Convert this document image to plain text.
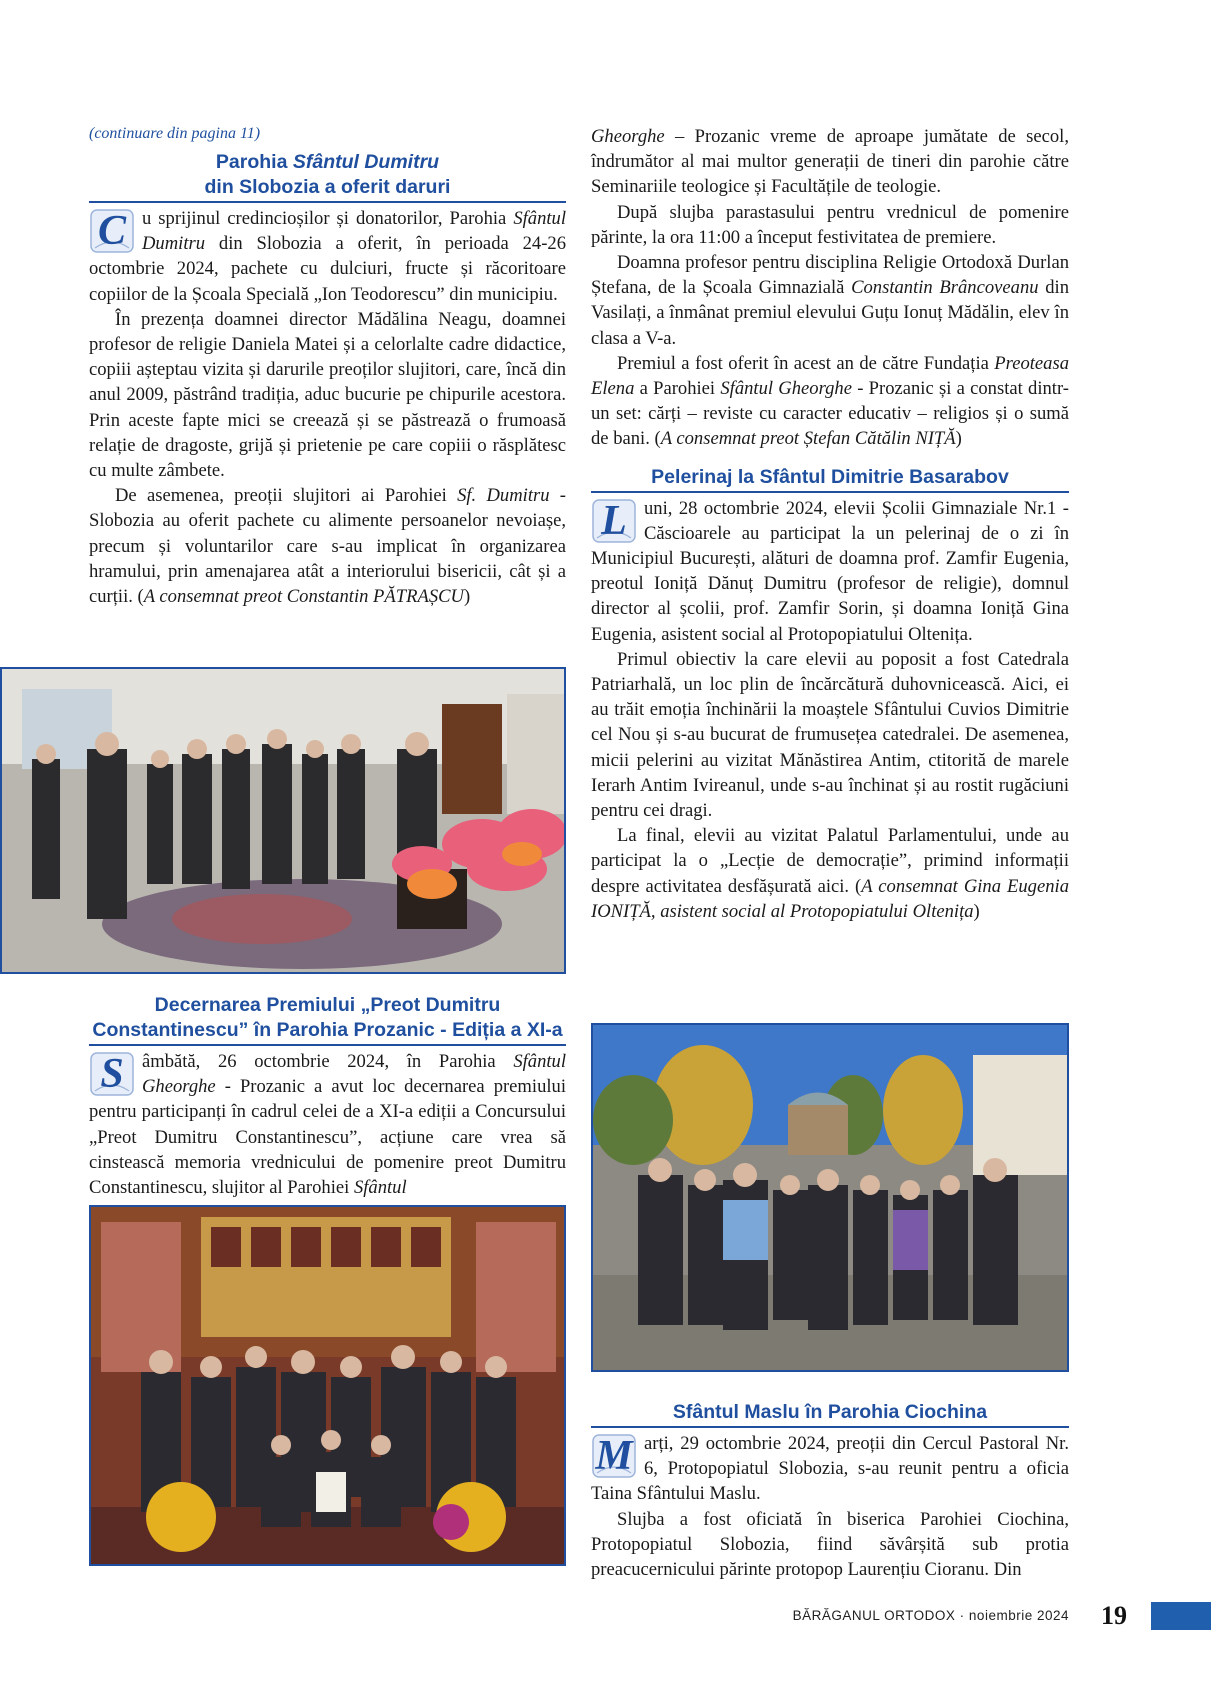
(continuare din pagina 11)

Parohia Sfântul Dumitru
din Slobozia a oferit daruri

C u sprijinul credincioșilor și donatorilor, Parohia Sfântul Dumitru din Slobozia a oferit, în perioada 24-26 octombrie 2024, pachete cu dulciuri, fructe și răcoritoare copiilor de la Școala Specială „Ion Teodorescu” din municipiu.

În prezența doamnei director Mădălina Neagu, doamnei profesor de religie Daniela Matei și a celorlalte cadre didactice, copiii așteptau vizita și darurile preoților slujitori, care, încă din anul 2009, păstrând tradiția, aduc bucurie pe chipurile acestora. Prin aceste fapte mici se creează și se păstrează o frumoasă relație de dragoste, grijă și prietenie pe care copiii o răsplătesc cu multe zâmbete.

De asemenea, preoții slujitori ai Parohiei Sf. Dumitru - Slobozia au oferit pachete cu alimente persoanelor nevoiașe, precum și voluntarilor care s-au implicat în organizarea hramului, prin amenajarea atât a interiorului bisericii, cât și a curții. (A consemnat preot Constantin PĂTRAȘCU)

Decernarea Premiului „Preot Dumitru
Constantinescu” în Parohia Prozanic - Ediția a XI-a

S âmbătă, 26 octombrie 2024, în Parohia Sfântul Gheorghe - Prozanic a avut loc decernarea premiului pentru participanți în cadrul celei de a XI-a ediții a Concursului „Preot Dumitru Constantinescu”, acțiune care vrea să cinstească memoria vrednicului de pomenire preot Dumitru Constantinescu, slujitor al Parohiei Sfântul

Gheorghe – Prozanic vreme de aproape jumătate de secol, îndrumător al mai multor generații de tineri din parohie către Seminariile teologice și Facultățile de teologie.

După slujba parastasului pentru vrednicul de pomenire părinte, la ora 11:00 a început festivitatea de premiere.

Doamna profesor pentru disciplina Religie Ortodoxă Durlan Ștefana, de la Școala Gimnazială Constantin Brâncoveanu din Vasilați, a înmânat premiul elevului Guțu Ionuț Mădălin, elev în clasa a V-a.

Premiul a fost oferit în acest an de către Fundația Preoteasa Elena a Parohiei Sfântul Gheorghe - Prozanic și a constat dintr-un set: cărți – reviste cu caracter educativ – religios și o sumă de bani. (A consemnat preot Ștefan Cătălin NIȚĂ)

Pelerinaj la Sfântul Dimitrie Basarabov

L uni, 28 octombrie 2024, elevii Școlii Gimnaziale Nr.1 - Căscioarele au participat la un pelerinaj de o zi în Municipiul București, alături de doamna prof. Zamfir Eugenia, preotul Ioniță Dănuț Dumitru (profesor de religie), domnul director al școlii, prof. Zamfir Sorin, și doamna Ioniță Gina Eugenia, asistent social al Protopopiatului Oltenița.

Primul obiectiv la care elevii au poposit a fost Catedrala Patriarhală, un loc plin de încărcătură duhovnicească. Aici, ei au trăit emoția închinării la moaștele Sfântului Cuvios Dimitrie cel Nou și s-au bucurat de frumusețea catedralei. De asemenea, micii pelerini au vizitat Mănăstirea Antim, ctitorită de marele Ierarh Antim Ivireanul, unde s-au închinat și au rostit rugăciuni pentru cei dragi.

La final, elevii au vizitat Palatul Parlamentului, unde au participat la o „Lecție de democrație”, primind informații despre activitatea desfășurată aici. (A consemnat Gina Eugenia IONIȚĂ, asistent social al Protopopiatului Oltenița)

Sfântul Maslu în Parohia Ciochina

M arți, 29 octombrie 2024, preoții din Cercul Pastoral Nr. 6, Protopopiatul Slobozia, s-au reunit pentru a oficia Taina Sfântului Maslu.

Slujba a fost oficiată în biserica Parohiei Ciochina, Protopopiatul Slobozia, fiind săvârșită sub protia preacucernicului părinte protopop Laurențiu Cioranu. Din

BĂRĂGANUL ORTODOX · noiembrie 2024 19
